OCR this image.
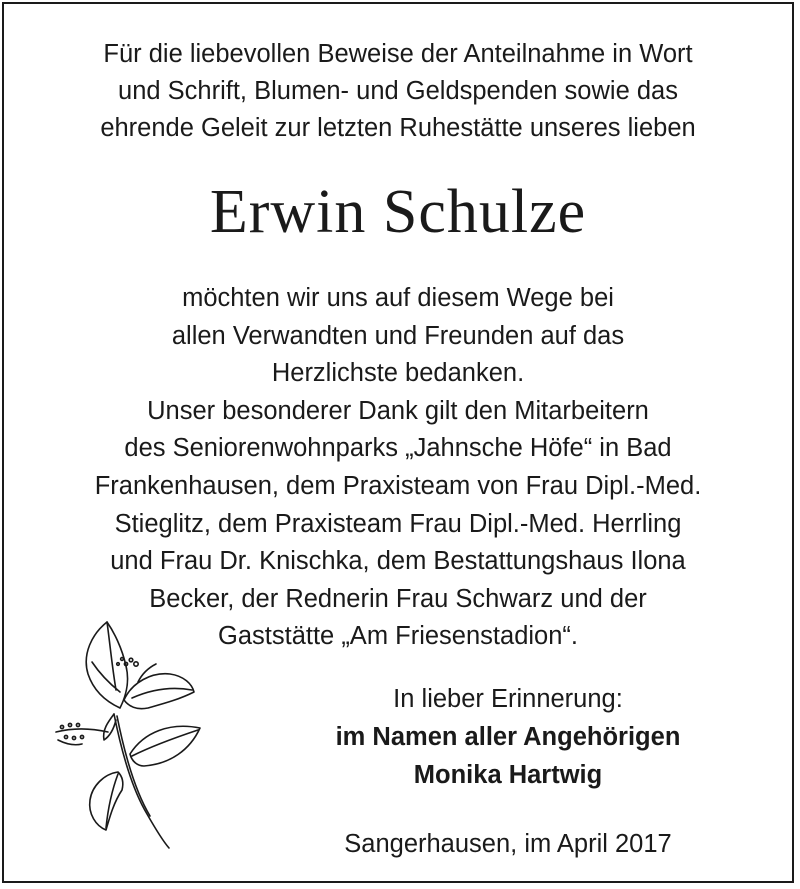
Für die liebevollen Beweise der Anteilnahme in Wort
und Schrift, Blumen- und Geldspenden sowie das
ehrende Geleit zur letzten Ruhestätte unseres lieben
Erwin Schulze
möchten wir uns auf diesem Wege bei
allen Verwandten und Freunden auf das
Herzlichste bedanken.
Unser besonderer Dank gilt den Mitarbeitern
des Seniorenwohnparks „Jahnsche Höfe“ in Bad
Frankenhausen, dem Praxisteam von Frau Dipl.-Med.
Stieglitz, dem Praxisteam Frau Dipl.-Med. Herrling
und Frau Dr. Knischka, dem Bestattungshaus Ilona
Becker, der Rednerin Frau Schwarz und der
Gaststätte „Am Friesenstadion“.
In lieber Erinnerung:
im Namen aller Angehörigen
Monika Hartwig
Sangerhausen, im April 2017
